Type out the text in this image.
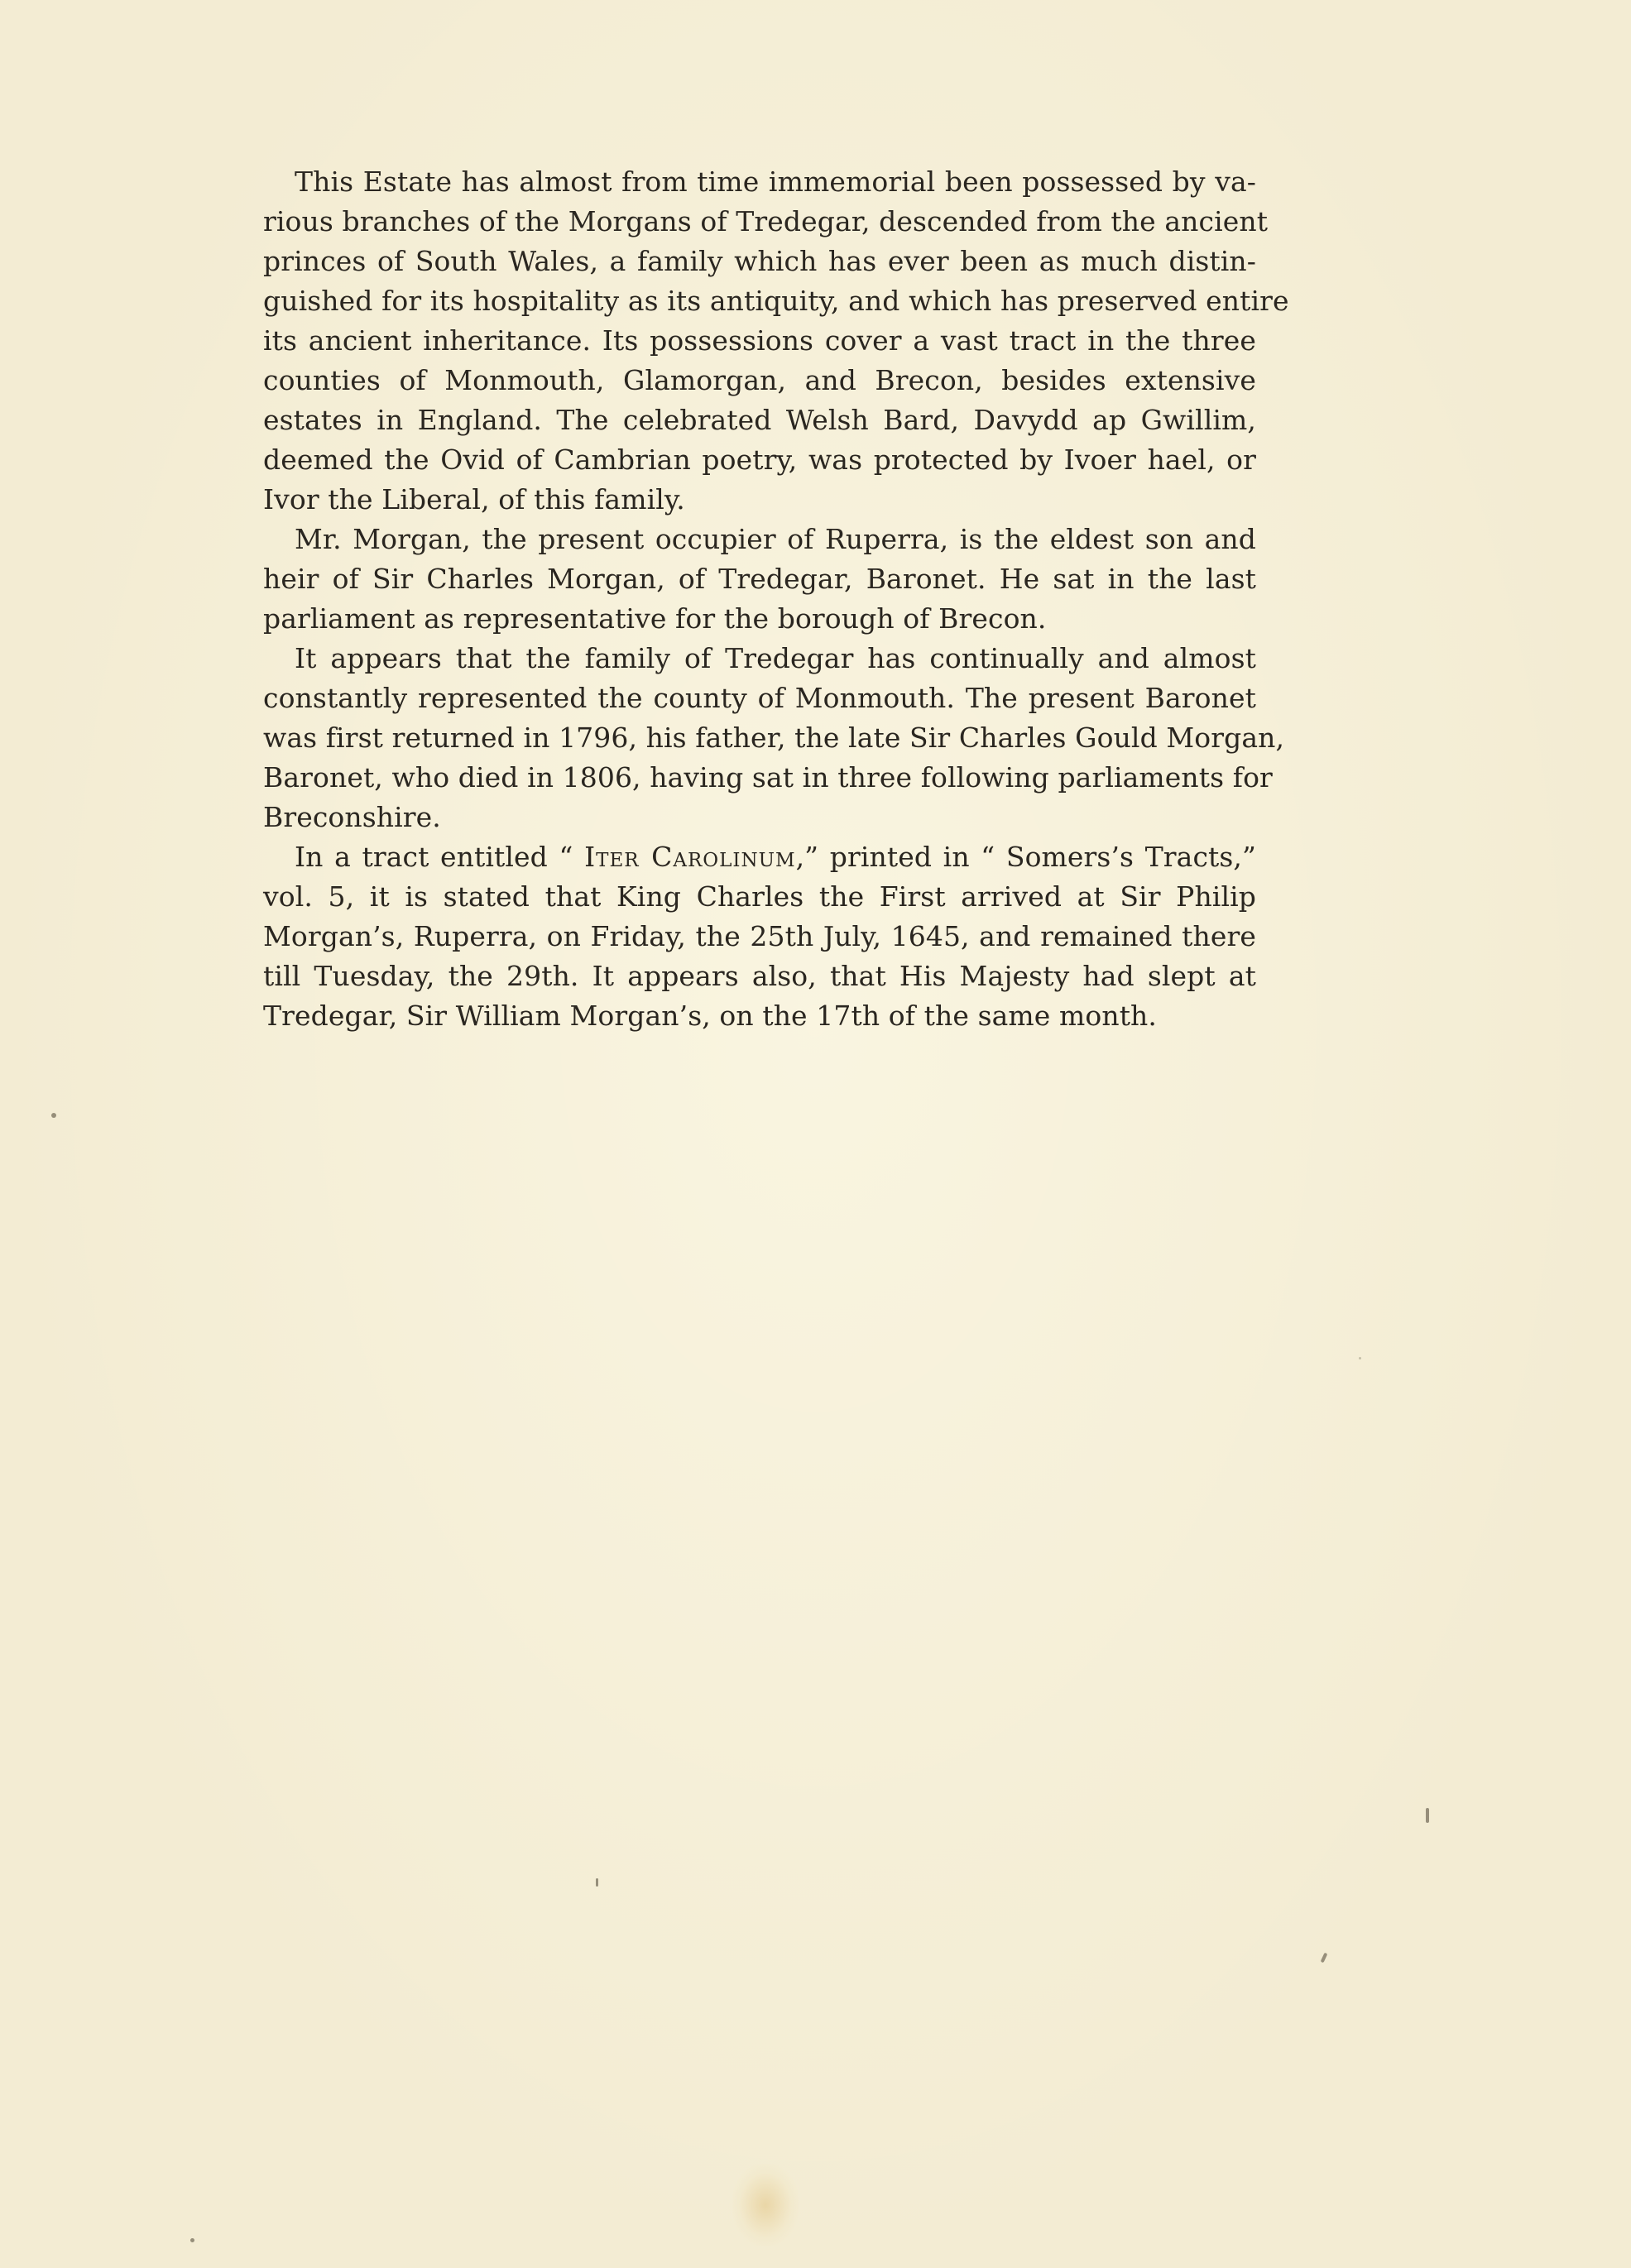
This Estate has almost from time immemorial been possessed by va-
rious branches of the Morgans of Tredegar, descended from the ancient
princes of South Wales, a family which has ever been as much distin-
guished for its hospitality as its antiquity, and which has preserved entire
its ancient inheritance. Its possessions cover a vast tract in the three
counties of Monmouth, Glamorgan, and Brecon, besides extensive
estates in England. The celebrated Welsh Bard, Davydd ap Gwillim,
deemed the Ovid of Cambrian poetry, was protected by Ivoer hael, or
Ivor the Liberal, of this family.
Mr. Morgan, the present occupier of Ruperra, is the eldest son and
heir of Sir Charles Morgan, of Tredegar, Baronet. He sat in the last
parliament as representative for the borough of Brecon.
It appears that the family of Tredegar has continually and almost
constantly represented the county of Monmouth. The present Baronet
was first returned in 1796, his father, the late Sir Charles Gould Morgan,
Baronet, who died in 1806, having sat in three following parliaments for
Breconshire.
In a tract entitled “ Iter Carolinum,” printed in “ Somers’s Tracts,”
vol. 5, it is stated that King Charles the First arrived at Sir Philip
Morgan’s, Ruperra, on Friday, the 25th July, 1645, and remained there
till Tuesday, the 29th. It appears also, that His Majesty had slept at
Tredegar, Sir William Morgan’s, on the 17th of the same month.
